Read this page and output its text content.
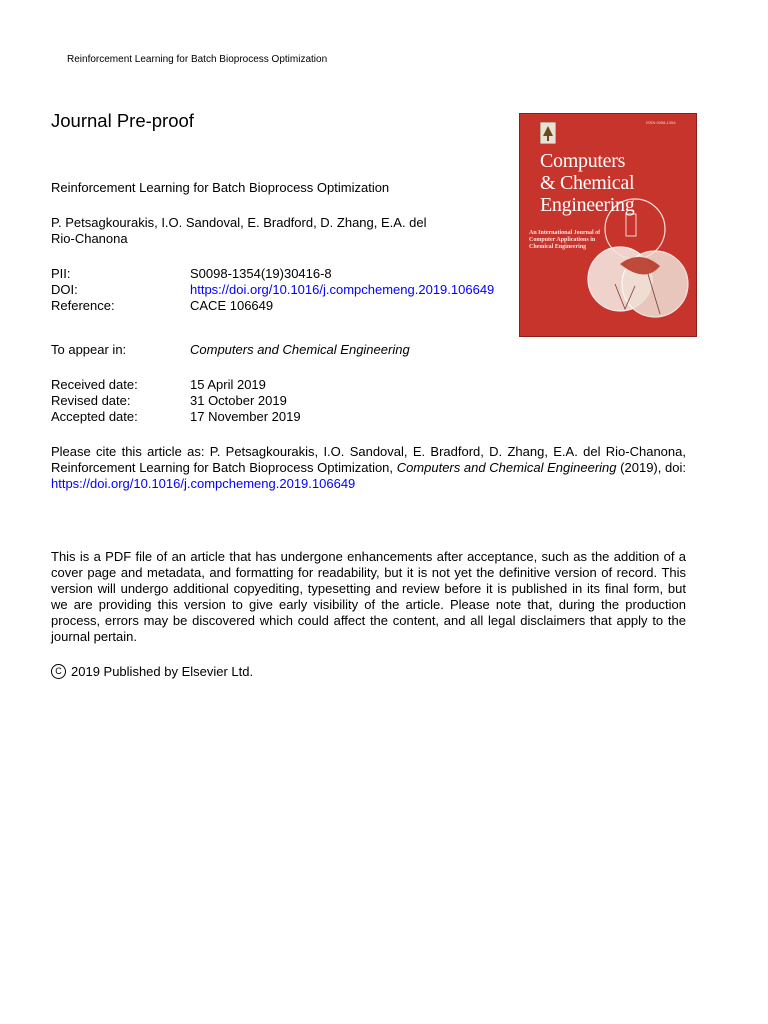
Reinforcement Learning for Batch Bioprocess Optimization
Journal Pre-proof
Reinforcement Learning for Batch Bioprocess Optimization
P. Petsagkourakis, I.O. Sandoval, E. Bradford, D. Zhang, E.A. del Rio-Chanona
PII:	S0098-1354(19)30416-8
DOI:	https://doi.org/10.1016/j.compchemeng.2019.106649
Reference:	CACE 106649
To appear in:	Computers and Chemical Engineering
Received date:	15 April 2019
Revised date:	31 October 2019
Accepted date:	17 November 2019
Please cite this article as: P. Petsagkourakis, I.O. Sandoval, E. Bradford, D. Zhang, E.A. del Rio-Chanona, Reinforcement Learning for Batch Bioprocess Optimization, Computers and Chemical Engineering (2019), doi: https://doi.org/10.1016/j.compchemeng.2019.106649
This is a PDF file of an article that has undergone enhancements after acceptance, such as the addition of a cover page and metadata, and formatting for readability, but it is not yet the definitive version of record. This version will undergo additional copyediting, typesetting and review before it is published in its final form, but we are providing this version to give early visibility of the article. Please note that, during the production process, errors may be discovered which could affect the content, and all legal disclaimers that apply to the journal pertain.
C 2019 Published by Elsevier Ltd.
ISSN 0098-1354
Computers
& Chemical
Engineering
An International Journal of Computer Applications in Chemical Engineering
